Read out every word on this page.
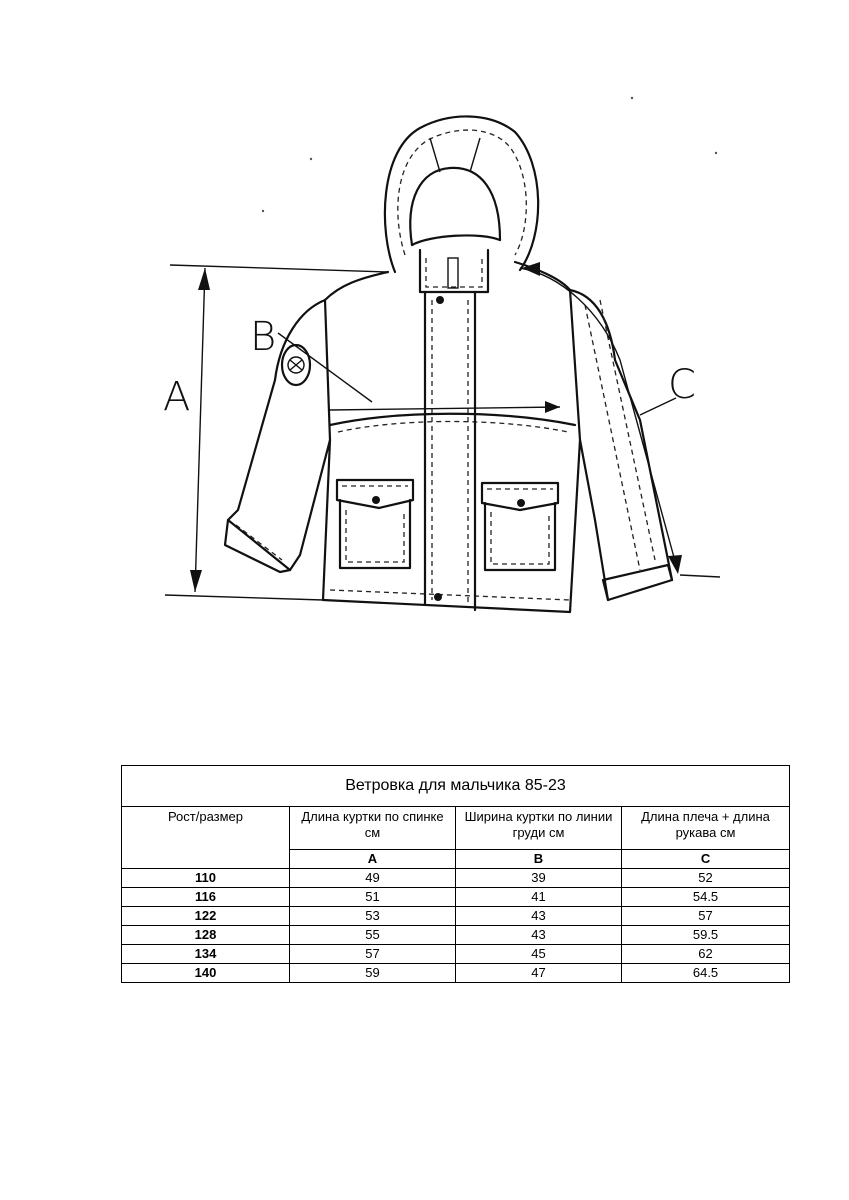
A
B
C
Ветровка для мальчика 85-23			
Рост/размер	Длина куртки по спинке см	Ширина куртки по линии груди см	Длина плеча + длина рукава см
	A	B	C
110	49	39	52
116	51	41	54.5
122	53	43	57
128	55	43	59.5
134	57	45	62
140	59	47	64.5
